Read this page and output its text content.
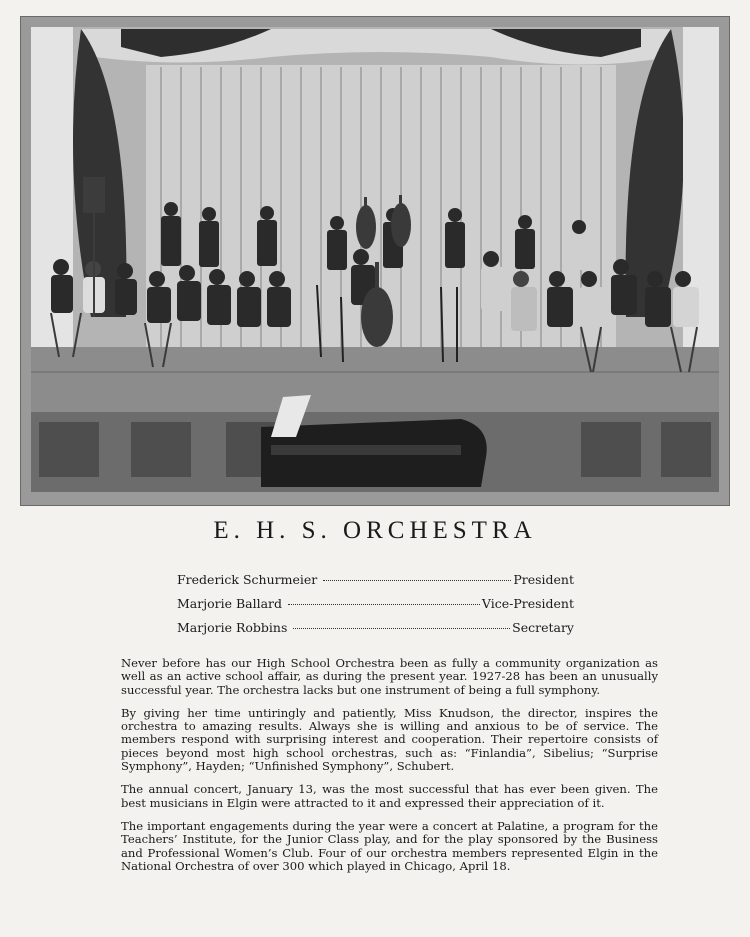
E. H. S. ORCHESTRA
Frederick Schurmeier	President
Marjorie Ballard	Vice-President
Marjorie Robbins	Secretary

Never before has our High School Orchestra been as fully a community organization as well as an active school affair, as during the present year. 1927-28 has been an unusually successful year. The orchestra lacks but one instrument of being a full symphony.

By giving her time untiringly and patiently, Miss Knudson, the director, inspires the orchestra to amazing results. Always she is willing and anxious to be of service. The members respond with surprising interest and cooperation. Their repertoire consists of pieces beyond most high school orchestras, such as: “Finlandia”, Sibelius; “Surprise Symphony”, Hayden; “Unfinished Symphony”, Schubert.

The annual concert, January 13, was the most successful that has ever been given. The best musicians in Elgin were attracted to it and expressed their appreciation of it.

The important engagements during the year were a concert at Palatine, a program for the Teachers’ Institute, for the Junior Class play, and for the play sponsored by the Business and Professional Women’s Club. Four of our orchestra members represented Elgin in the National Orchestra of over 300 which played in Chicago, April 18.
